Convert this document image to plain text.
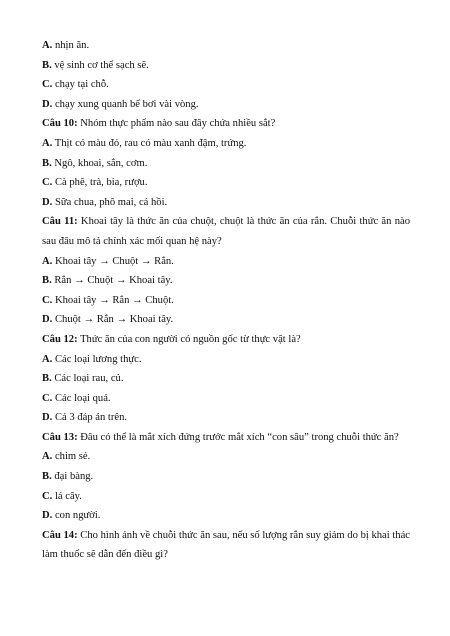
A. nhịn ăn.

B. vệ sinh cơ thể sạch sẽ.

C. chạy tại chỗ.

D. chạy xung quanh bể bơi vài vòng.

Câu 10: Nhóm thực phẩm nào sau đây chứa nhiều sắt?

A. Thịt có màu đỏ, rau có màu xanh đậm, trứng.

B. Ngô, khoai, sắn, cơm.

C. Cà phê, trà, bia, rượu.

D. Sữa chua, phô mai, cá hồi.

Câu 11: Khoai tây là thức ăn của chuột, chuột là thức ăn của rắn. Chuỗi thức ăn nào sau đâu mô tả chính xác mối quan hệ này?

A. Khoai tây → Chuột → Rắn.

B. Rắn → Chuột → Khoai tây.

C. Khoai tây → Rắn → Chuột.

D. Chuột → Rắn → Khoai tây.

Câu 12: Thức ăn của con người có nguồn gốc từ thực vật là?

A. Các loại lương thực.

B. Các loại rau, củ.

C. Các loại quả.

D. Cả 3 đáp án trên.

Câu 13: Đâu có thể là mắt xích đứng trước mắt xích “con sâu” trong chuỗi thức ăn?

A. chim sẻ.

B. đại bàng.

C. lá cây.

D. con người.

Câu 14: Cho hình ảnh về chuỗi thức ăn sau, nếu số lượng rắn suy giảm do bị khai thác làm thuốc sẽ dẫn đến điều gì?
